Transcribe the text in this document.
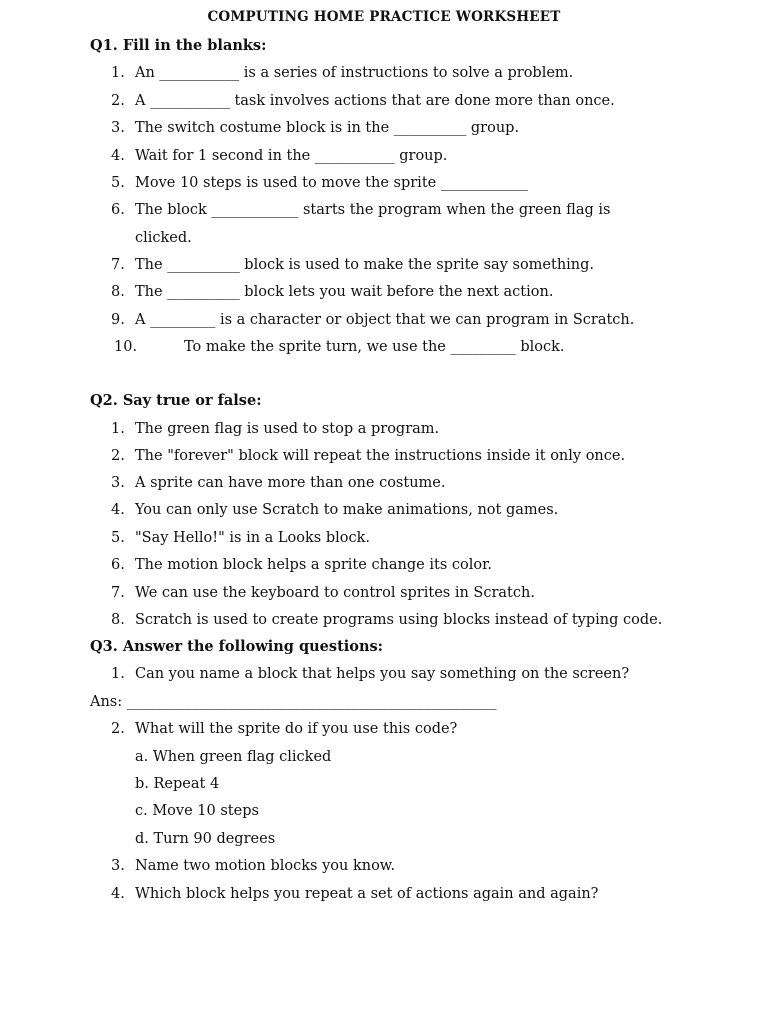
COMPUTING HOME PRACTICE WORKSHEET
Q1. Fill in the blanks:
1. An ___________ is a series of instructions to solve a problem.
2. A ___________ task involves actions that are done more than once.
3. The switch costume block is in the __________ group.
4. Wait for 1 second in the ___________ group.
5. Move 10 steps is used to move the sprite ____________
6. The block ____________ starts the program when the green flag is
clicked.
7. The __________ block is used to make the sprite say something.
8. The __________ block lets you wait before the next action.
9. A _________ is a character or object that we can program in Scratch.
10.	To make the sprite turn, we use the _________ block.
Q2. Say true or false:
1. The green flag is used to stop a program.
2. The "forever" block will repeat the instructions inside it only once.
3. A sprite can have more than one costume.
4. You can only use Scratch to make animations, not games.
5. "Say Hello!" is in a Looks block.
6. The motion block helps a sprite change its color.
7. We can use the keyboard to control sprites in Scratch.
8. Scratch is used to create programs using blocks instead of typing code.
Q3. Answer the following questions:
1. Can you name a block that helps you say something on the screen?
Ans: ___________________________________________________
2. What will the sprite do if you use this code?
a. When green flag clicked
b. Repeat 4
c. Move 10 steps
d. Turn 90 degrees
3. Name two motion blocks you know.
4. Which block helps you repeat a set of actions again and again?
